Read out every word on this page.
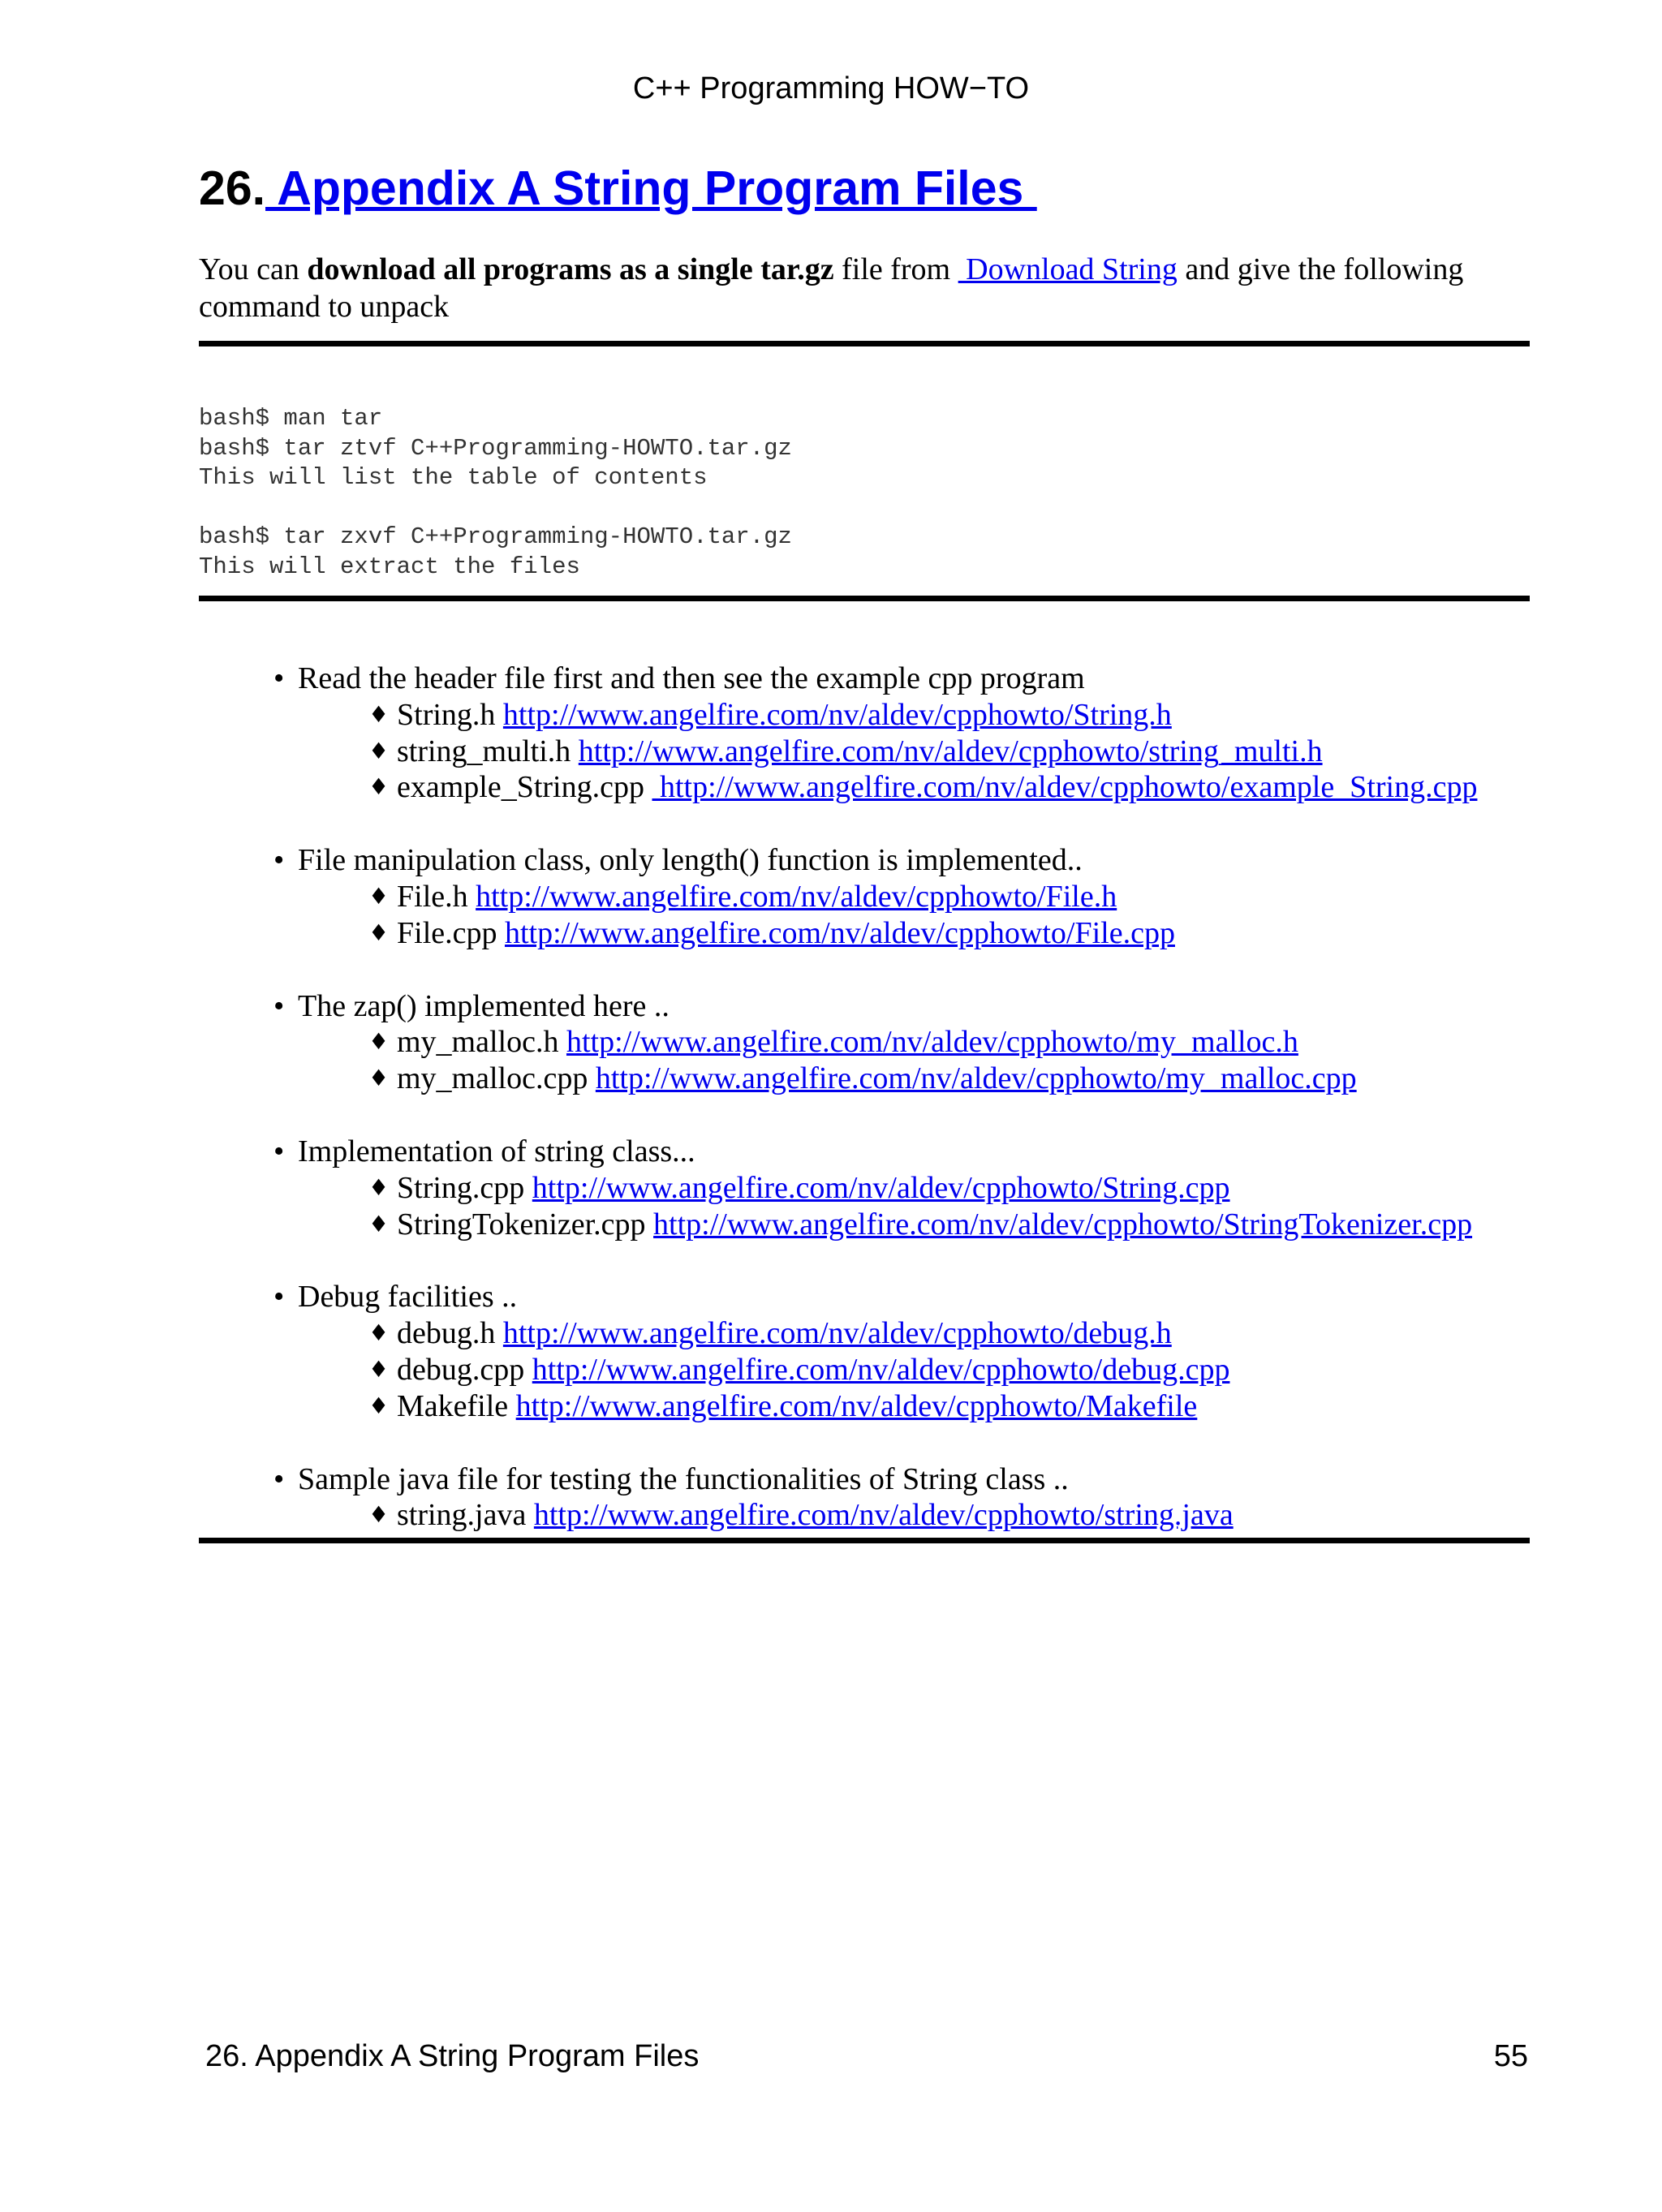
C++ Programming HOW−TO
26. Appendix A String Program Files

You can download all programs as a single tar.gz file from  Download String and give the following command to unpack

bash$ man tar
bash$ tar ztvf C++Programming-HOWTO.tar.gz
This will list the table of contents

bash$ tar zxvf C++Programming-HOWTO.tar.gz
This will extract the files
• Read the header file first and then see the example cpp program
♦ String.h http://www.angelfire.com/nv/aldev/cpphowto/String.h
♦ string_multi.h http://www.angelfire.com/nv/aldev/cpphowto/string_multi.h
♦ example_String.cpp  http://www.angelfire.com/nv/aldev/cpphowto/example_String.cpp
• File manipulation class, only length() function is implemented..
♦ File.h http://www.angelfire.com/nv/aldev/cpphowto/File.h
♦ File.cpp http://www.angelfire.com/nv/aldev/cpphowto/File.cpp
• The zap() implemented here ..
♦ my_malloc.h http://www.angelfire.com/nv/aldev/cpphowto/my_malloc.h
♦ my_malloc.cpp http://www.angelfire.com/nv/aldev/cpphowto/my_malloc.cpp
• Implementation of string class...
♦ String.cpp http://www.angelfire.com/nv/aldev/cpphowto/String.cpp
♦ StringTokenizer.cpp http://www.angelfire.com/nv/aldev/cpphowto/StringTokenizer.cpp
• Debug facilities ..
♦ debug.h http://www.angelfire.com/nv/aldev/cpphowto/debug.h
♦ debug.cpp http://www.angelfire.com/nv/aldev/cpphowto/debug.cpp
♦ Makefile http://www.angelfire.com/nv/aldev/cpphowto/Makefile
• Sample java file for testing the functionalities of String class ..
♦ string.java http://www.angelfire.com/nv/aldev/cpphowto/string.java
26. Appendix A String Program Files	55
